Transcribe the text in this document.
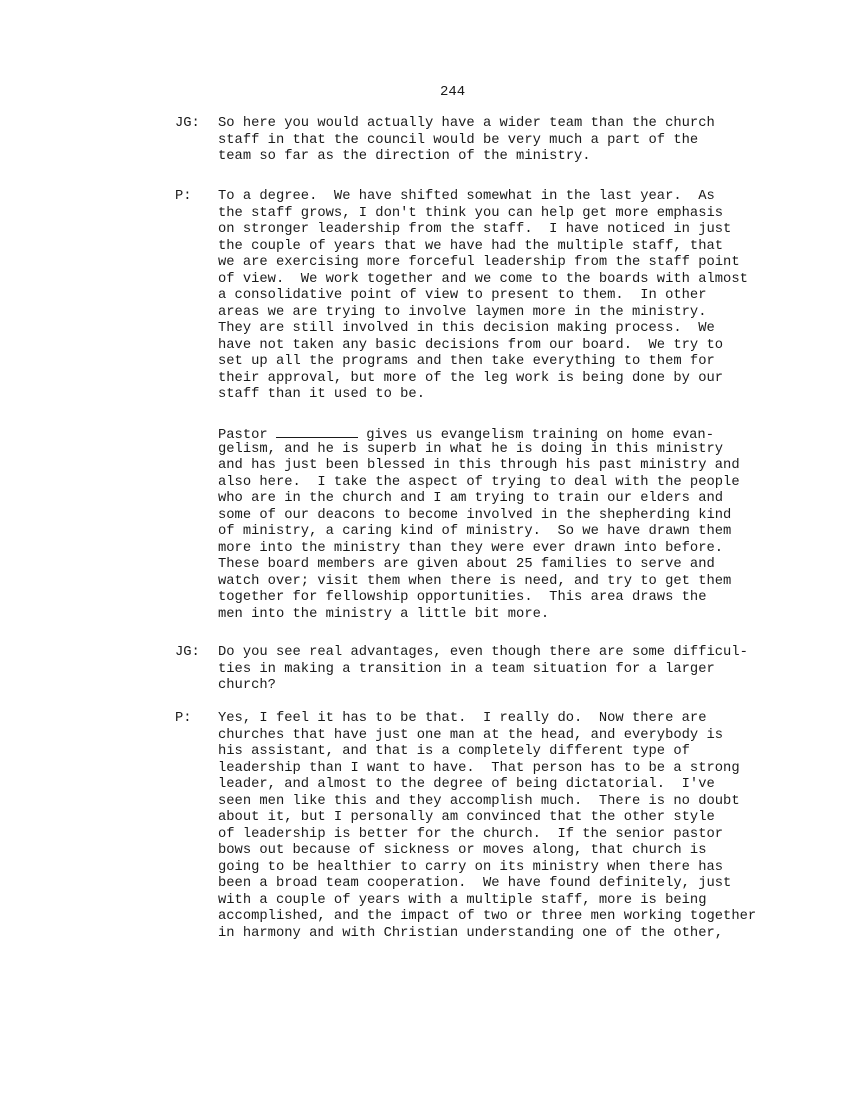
244
JG: So here you would actually have a wider team than the church
staff in that the council would be very much a part of the
team so far as the direction of the ministry.
P: To a degree.  We have shifted somewhat in the last year.  As
the staff grows, I don't think you can help get more emphasis
on stronger leadership from the staff.  I have noticed in just
the couple of years that we have had the multiple staff, that
we are exercising more forceful leadership from the staff point
of view.  We work together and we come to the boards with almost
a consolidative point of view to present to them.  In other
areas we are trying to involve laymen more in the ministry.
They are still involved in this decision making process.  We
have not taken any basic decisions from our board.  We try to
set up all the programs and then take everything to them for
their approval, but more of the leg work is being done by our
staff than it used to be.
Pastor	gives us evangelism training on home evan-
gelism, and he is superb in what he is doing in this ministry
and has just been blessed in this through his past ministry and
also here.  I take the aspect of trying to deal with the people
who are in the church and I am trying to train our elders and
some of our deacons to become involved in the shepherding kind
of ministry, a caring kind of ministry.  So we have drawn them
more into the ministry than they were ever drawn into before.
These board members are given about 25 families to serve and
watch over; visit them when there is need, and try to get them
together for fellowship opportunities.  This area draws the
men into the ministry a little bit more.
JG: Do you see real advantages, even though there are some difficul-
ties in making a transition in a team situation for a larger
church?
P: Yes, I feel it has to be that.  I really do.  Now there are
churches that have just one man at the head, and everybody is
his assistant, and that is a completely different type of
leadership than I want to have.  That person has to be a strong
leader, and almost to the degree of being dictatorial.  I've
seen men like this and they accomplish much.  There is no doubt
about it, but I personally am convinced that the other style
of leadership is better for the church.  If the senior pastor
bows out because of sickness or moves along, that church is
going to be healthier to carry on its ministry when there has
been a broad team cooperation.  We have found definitely, just
with a couple of years with a multiple staff, more is being
accomplished, and the impact of two or three men working together
in harmony and with Christian understanding one of the other,
